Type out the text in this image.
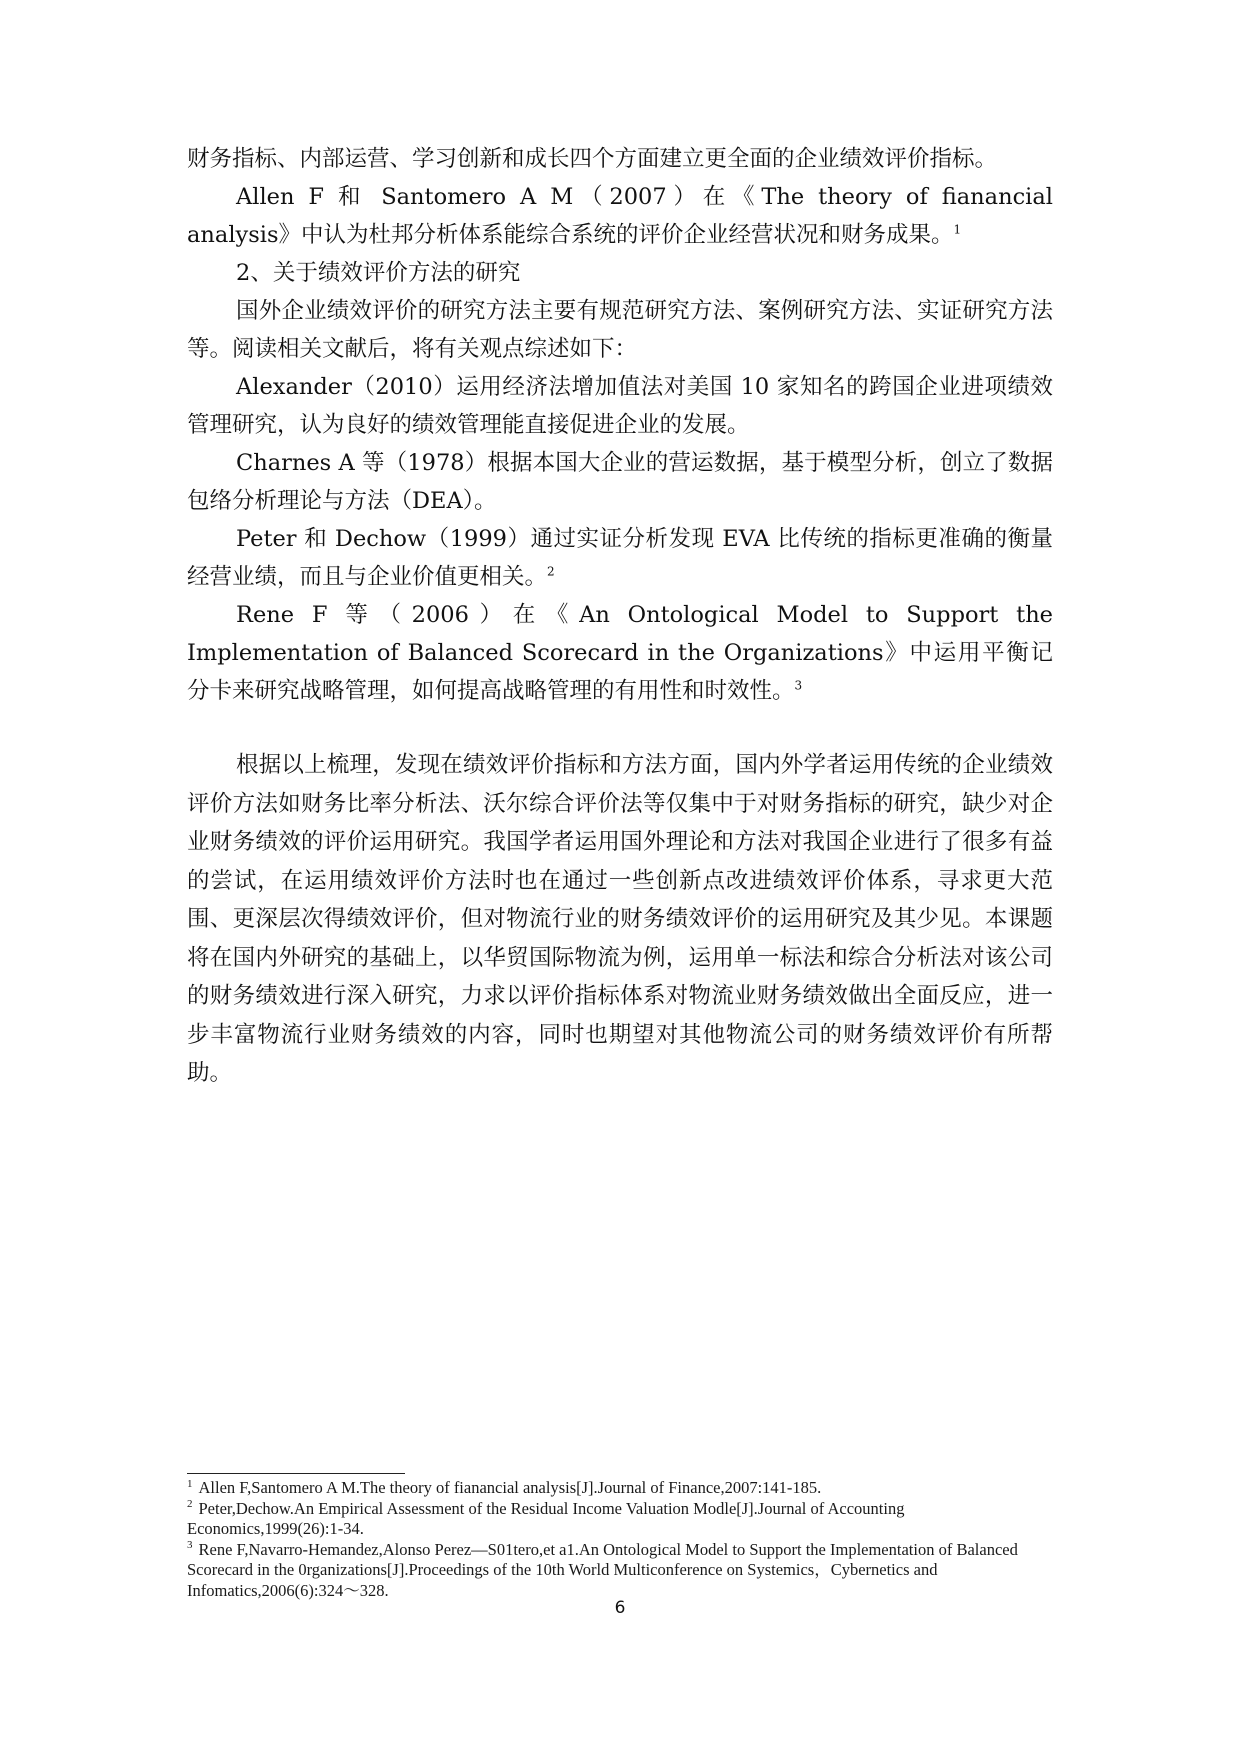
财务指标、内部运营、学习创新和成长四个方面建立更全面的企业绩效评价指标。

Allen F 和 Santomero A M（2007）在《The theory of fianancial analysis》中认为杜邦分析体系能综合系统的评价企业经营状况和财务成果。$^1$

2、关于绩效评价方法的研究

国外企业绩效评价的研究方法主要有规范研究方法、案例研究方法、实证研究方法等。阅读相关文献后，将有关观点综述如下：

Alexander（2010）运用经济法增加值法对美国 10 家知名的跨国企业进项绩效管理研究，认为良好的绩效管理能直接促进企业的发展。

Charnes A 等（1978）根据本国大企业的营运数据，基于模型分析，创立了数据包络分析理论与方法（DEA）。

Peter 和 Dechow（1999）通过实证分析发现 EVA 比传统的指标更准确的衡量经营业绩，而且与企业价值更相关。$^2$

Rene F 等（2006）在《An Ontological Model to Support the Implementation of Balanced Scorecard in the Organizations》中运用平衡记分卡来研究战略管理，如何提高战略管理的有用性和时效性。$^3$

根据以上梳理，发现在绩效评价指标和方法方面，国内外学者运用传统的企业绩效评价方法如财务比率分析法、沃尔综合评价法等仅集中于对财务指标的研究，缺少对企业财务绩效的评价运用研究。我国学者运用国外理论和方法对我国企业进行了很多有益的尝试，在运用绩效评价方法时也在通过一些创新点改进绩效评价体系，寻求更大范围、更深层次得绩效评价，但对物流行业的财务绩效评价的运用研究及其少见。本课题将在国内外研究的基础上，以华贸国际物流为例，运用单一标法和综合分析法对该公司的财务绩效进行深入研究，力求以评价指标体系对物流业财务绩效做出全面反应，进一步丰富物流行业财务绩效的内容，同时也期望对其他物流公司的财务绩效评价有所帮助。

$^1$ Allen F,Santomero A M.The theory of fianancial analysis[J].Journal of Finance,2007:141-185.

$^2$ Peter,Dechow.An Empirical Assessment of the Residual Income Valuation Modle[J].Journal of Accounting Economics,1999(26):1-34.

$^3$ Rene F,Navarro-Hemandez,Alonso Perez—S01tero,et a1.An Ontological Model to Support the Implementation of Balanced Scorecard in the 0rganizations[J].Proceedings of the 10th World Multiconference on Systemics，Cybernetics and Infomatics,2006(6):324～328.

6
